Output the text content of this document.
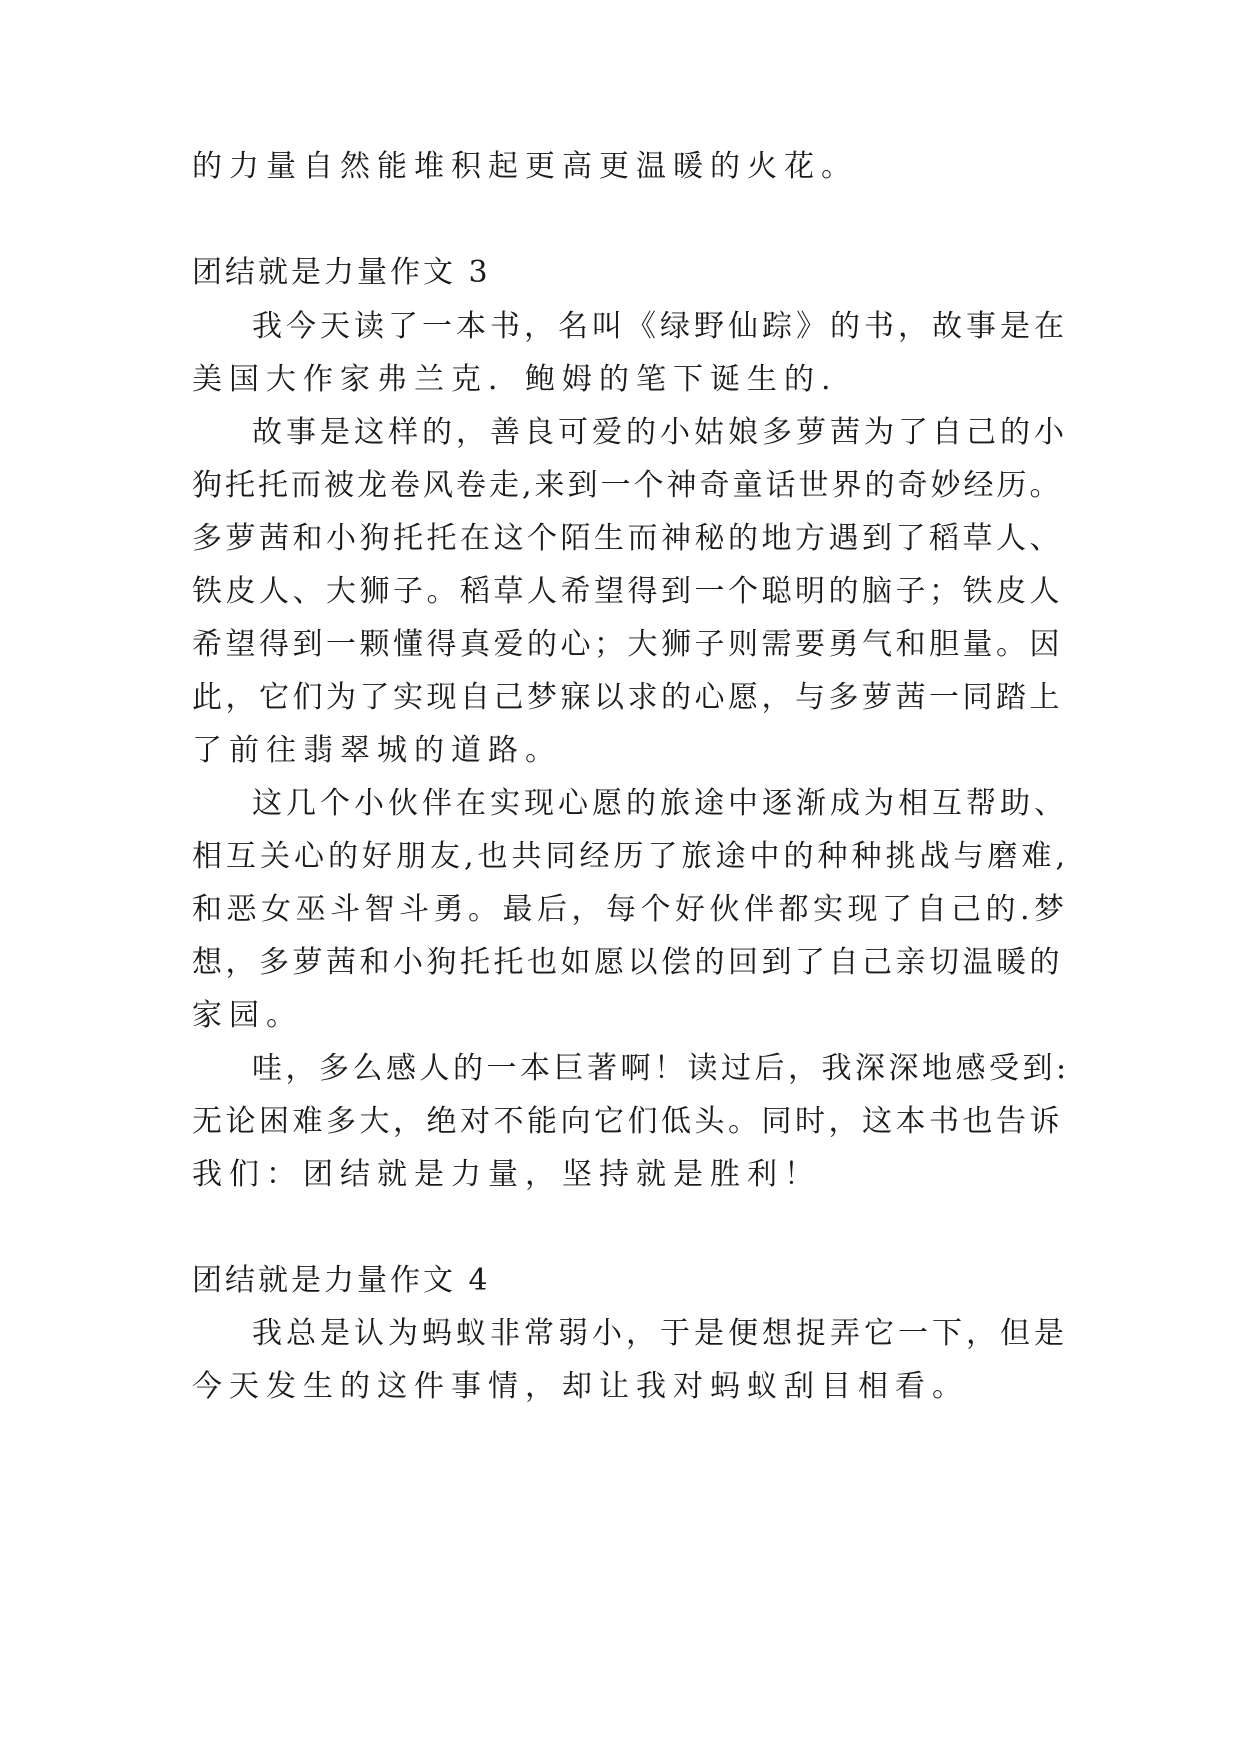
的力量自然能堆积起更高更温暖的火花。
团结就是力量作文 3
我今天读了一本书，名叫《绿野仙踪》的书，故事是在
美国大作家弗兰克．鲍姆的笔下诞生的.
故事是这样的，善良可爱的小姑娘多萝茜为了自己的小
狗托托而被龙卷风卷走,来到一个神奇童话世界的奇妙经历。
多萝茜和小狗托托在这个陌生而神秘的地方遇到了稻草人、
铁皮人、大狮子。稻草人希望得到一个聪明的脑子；铁皮人
希望得到一颗懂得真爱的心；大狮子则需要勇气和胆量。因
此，它们为了实现自己梦寐以求的心愿，与多萝茜一同踏上
了前往翡翠城的道路。
这几个小伙伴在实现心愿的旅途中逐渐成为相互帮助、
相互关心的好朋友,也共同经历了旅途中的种种挑战与磨难,
和恶女巫斗智斗勇。最后，每个好伙伴都实现了自己的.梦
想，多萝茜和小狗托托也如愿以偿的回到了自己亲切温暖的
家园。
哇，多么感人的一本巨著啊！读过后，我深深地感受到:
无论困难多大，绝对不能向它们低头。同时，这本书也告诉
我们：团结就是力量，坚持就是胜利！
团结就是力量作文 4
我总是认为蚂蚁非常弱小，于是便想捉弄它一下，但是
今天发生的这件事情，却让我对蚂蚁刮目相看。
